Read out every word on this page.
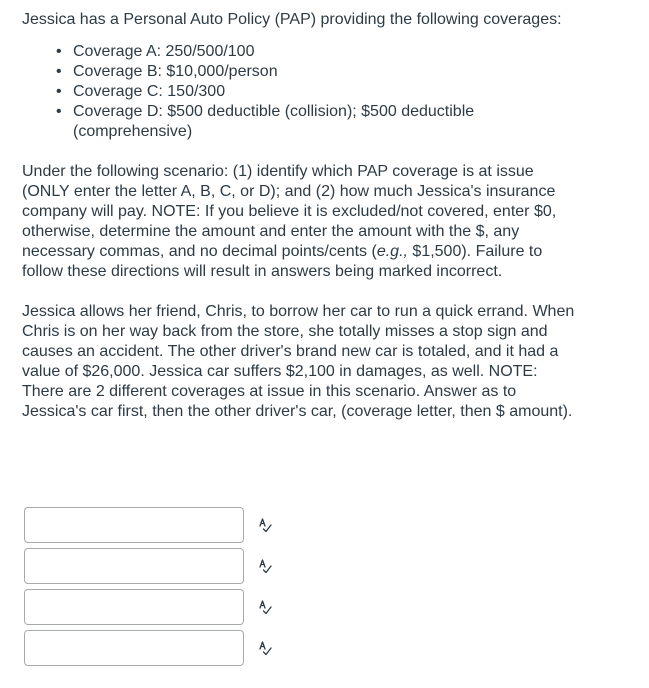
Jessica has a Personal Auto Policy (PAP) providing the following coverages:

• Coverage A: 250/500/100
• Coverage B: $10,000/person
• Coverage C: 150/300
• Coverage D: $500 deductible (collision); $500 deductible (comprehensive)

Under the following scenario: (1) identify which PAP coverage is at issue (ONLY enter the letter A, B, C, or D); and (2) how much Jessica's insurance company will pay. NOTE: If you believe it is excluded/not covered, enter $0, otherwise, determine the amount and enter the amount with the $, any necessary commas, and no decimal points/cents (e.g., $1,500). Failure to follow these directions will result in answers being marked incorrect.

Jessica allows her friend, Chris, to borrow her car to run a quick errand. When Chris is on her way back from the store, she totally misses a stop sign and causes an accident. The other driver's brand new car is totaled, and it had a value of $26,000. Jessica car suffers $2,100 in damages, as well. NOTE: There are 2 different coverages at issue in this scenario. Answer as to Jessica's car first, then the other driver's car, (coverage letter, then $ amount).
